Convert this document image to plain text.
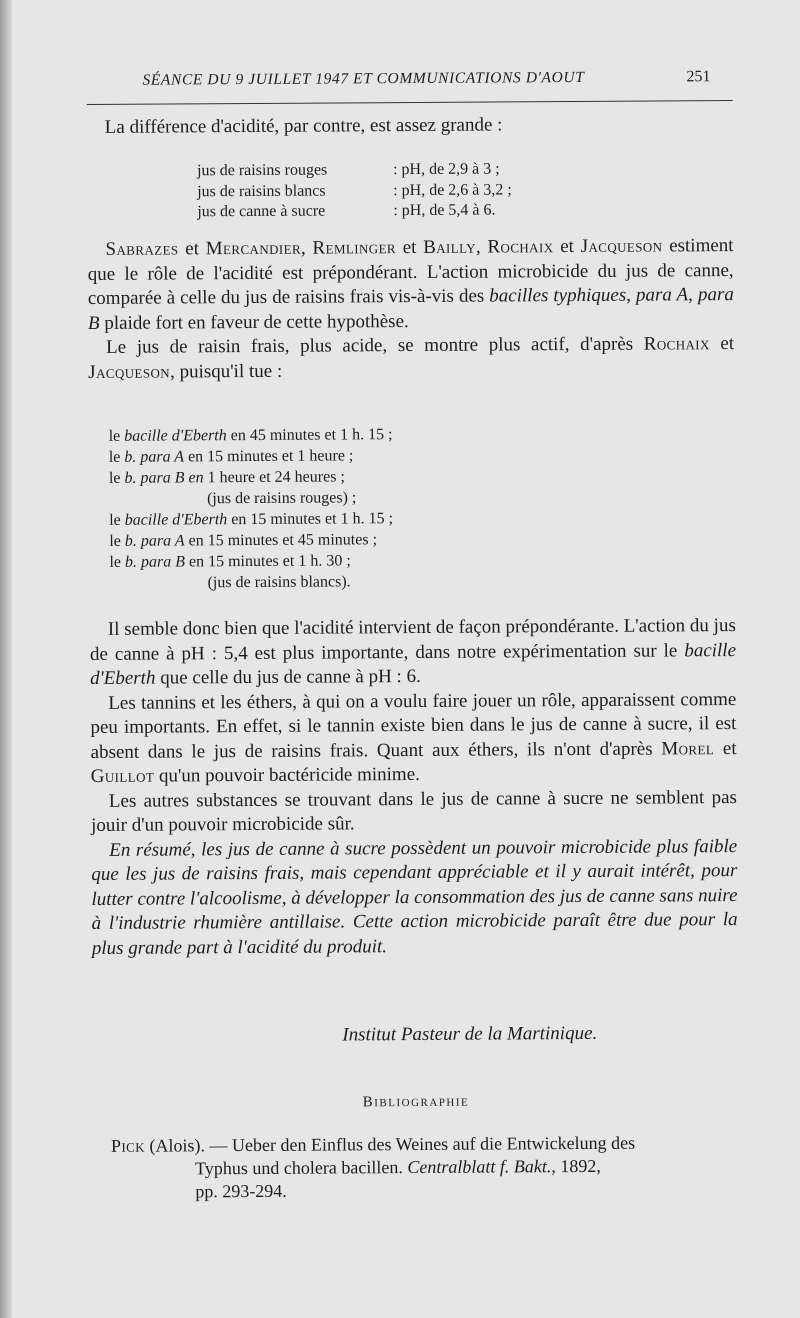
SÉANCE DU 9 JUILLET 1947 ET COMMUNICATIONS D'AOUT	251

La différence d'acidité, par contre, est assez grande :

jus de raisins rouges	: pH, de 2,9 à 3 ;
jus de raisins blancs	: pH, de 2,6 à 3,2 ;
jus de canne à sucre	: pH, de 5,4 à 6.

Sabrazes et Mercandier, Remlinger et Bailly, Rochaix et Jacqueson estiment que le rôle de l'acidité est prépondérant. L'action microbicide du jus de canne, comparée à celle du jus de raisins frais vis-à-vis des bacilles typhiques, para A, para B plaide fort en faveur de cette hypothèse.

Le jus de raisin frais, plus acide, se montre plus actif, d'après Rochaix et Jacqueson, puisqu'il tue :

le bacille d'Eberth en 45 minutes et 1 h. 15 ;
le b. para A en 15 minutes et 1 heure ;
le b. para B en 1 heure et 24 heures ;
(jus de raisins rouges) ;
le bacille d'Eberth en 15 minutes et 1 h. 15 ;
le b. para A en 15 minutes et 45 minutes ;
le b. para B en 15 minutes et 1 h. 30 ;
(jus de raisins blancs).

Il semble donc bien que l'acidité intervient de façon prépondérante. L'action du jus de canne à pH : 5,4 est plus importante, dans notre expérimentation sur le bacille d'Eberth que celle du jus de canne à pH : 6.

Les tannins et les éthers, à qui on a voulu faire jouer un rôle, apparaissent comme peu importants. En effet, si le tannin existe bien dans le jus de canne à sucre, il est absent dans le jus de raisins frais. Quant aux éthers, ils n'ont d'après Morel et Guillot qu'un pouvoir bactéricide minime.

Les autres substances se trouvant dans le jus de canne à sucre ne semblent pas jouir d'un pouvoir microbicide sûr.

En résumé, les jus de canne à sucre possèdent un pouvoir microbicide plus faible que les jus de raisins frais, mais cependant appréciable et il y aurait intérêt, pour lutter contre l'alcoolisme, à développer la consommation des jus de canne sans nuire à l'industrie rhumière antillaise. Cette action microbicide paraît être due pour la plus grande part à l'acidité du produit.

Institut Pasteur de la Martinique.
Bibliographie
Pick (Alois). — Ueber den Einflus des Weines auf die Entwickelung des
Typhus und cholera bacillen. Centralblatt f. Bakt., 1892,
pp. 293-294.
